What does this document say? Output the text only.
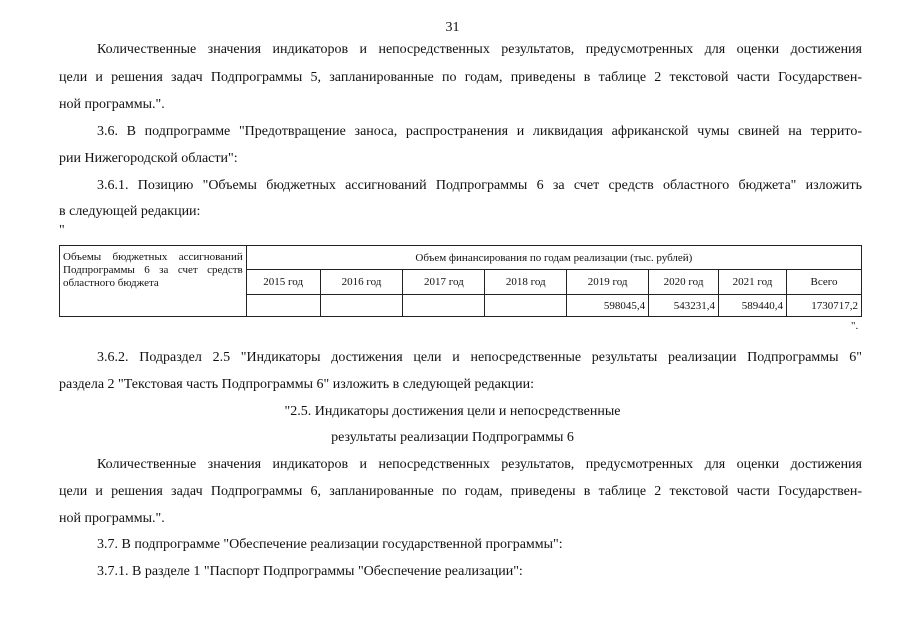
31
Количественные значения индикаторов и непосредственных результатов, предусмотренных для оценки достижения
цели и решения задач Подпрограммы 5, запланированные по годам, приведены в таблице 2 текстовой части Государствен-
ной программы.".
3.6. В подпрограмме "Предотвращение заноса, распространения и ликвидация африканской чумы свиней на террито-
рии Нижегородской области":
3.6.1. Позицию "Объемы бюджетных ассигнований Подпрограммы 6 за счет средств областного бюджета" изложить
в следующей редакции:
"
Объемы бюджетных ассигнований Подпрограммы 6 за счет средств областного бюджета	Объем финансирования по годам реализации (тыс. рублей)							
	2015 год	2016 год	2017 год	2018 год	2019 год	2020 год	2021 год	Всего
					598045,4	543231,4	589440,4	1730717,2
".
3.6.2. Подраздел 2.5 "Индикаторы достижения цели и непосредственные результаты реализации Подпрограммы 6"
раздела 2 "Текстовая часть Подпрограммы 6" изложить в следующей редакции:
"2.5. Индикаторы достижения цели и непосредственные
результаты реализации Подпрограммы 6
Количественные значения индикаторов и непосредственных результатов, предусмотренных для оценки достижения
цели и решения задач Подпрограммы 6, запланированные по годам, приведены в таблице 2 текстовой части Государствен-
ной программы.".
3.7. В подпрограмме "Обеспечение реализации государственной программы":
3.7.1. В разделе 1 "Паспорт Подпрограммы "Обеспечение реализации":
